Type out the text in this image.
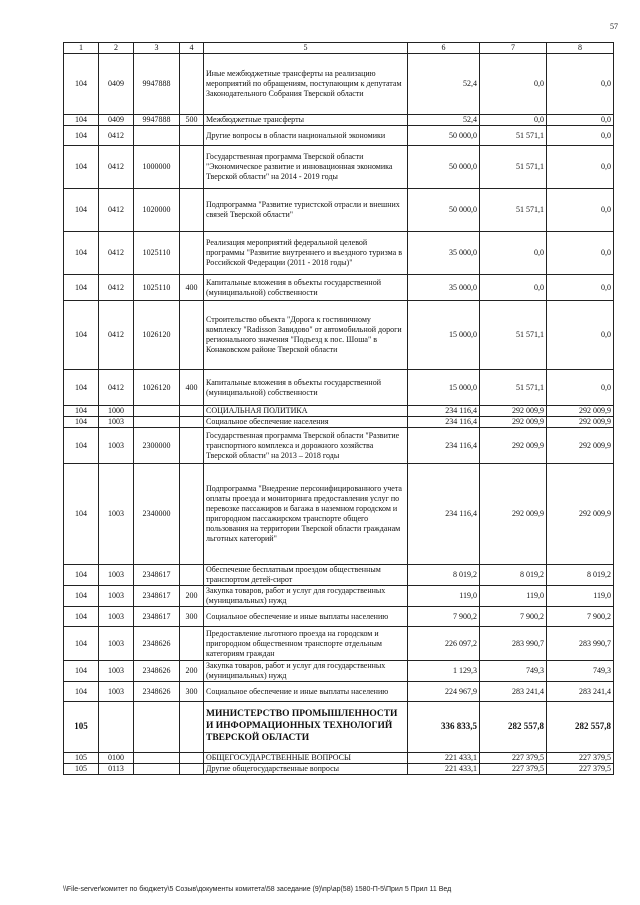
57
1	2	3	4	5	6	7	8
104	0409	9947888		Иные межбюджетные трансферты на реализацию мероприятий по обращениям, поступающим к депутатам Законодательного Собрания Тверской области	52,4	0,0	0,0
104	0409	9947888	500	Межбюджетные трансферты	52,4	0,0	0,0
104	0412			Другие вопросы в области национальной экономики	50 000,0	51 571,1	0,0
104	0412	1000000		Государственная программа Тверской области "Экономическое развитие и инновационная экономика Тверской области" на 2014 - 2019 годы	50 000,0	51 571,1	0,0
104	0412	1020000		Подпрограмма "Развитие туристской отрасли и внешних связей Тверской области"	50 000,0	51 571,1	0,0
104	0412	1025110		Реализация мероприятий федеральной целевой программы "Развитие внутреннего и въездного туризма в Российской Федерации (2011 - 2018 годы)"	35 000,0	0,0	0,0
104	0412	1025110	400	Капитальные вложения в объекты государственной (муниципальной) собственности	35 000,0	0,0	0,0
104	0412	1026120		Строительство объекта "Дорога к гостиничному комплексу "Radisson Завидово" от автомобильной дороги регионального значения "Подъезд к пос. Шоша" в Конаковском районе Тверской области	15 000,0	51 571,1	0,0
104	0412	1026120	400	Капитальные вложения в объекты государственной (муниципальной) собственности	15 000,0	51 571,1	0,0
104	1000			СОЦИАЛЬНАЯ ПОЛИТИКА	234 116,4	292 009,9	292 009,9
104	1003			Социальное обеспечение населения	234 116,4	292 009,9	292 009,9
104	1003	2300000		Государственная программа Тверской области "Развитие транспортного комплекса и дорожного хозяйства Тверской области" на 2013 – 2018 годы	234 116,4	292 009,9	292 009,9
104	1003	2340000		Подпрограмма "Внедрение персонифицированного учета оплаты проезда и мониторинга предоставления услуг по перевозке пассажиров и багажа в наземном городском и пригородном пассажирском транспорте общего пользования на территории Тверской области гражданам льготных категорий"	234 116,4	292 009,9	292 009,9
104	1003	2348617		Обеспечение бесплатным проездом общественным транспортом детей-сирот	8 019,2	8 019,2	8 019,2
104	1003	2348617	200	Закупка товаров, работ и услуг для государственных (муниципальных) нужд	119,0	119,0	119,0
104	1003	2348617	300	Социальное обеспечение и иные выплаты населению	7 900,2	7 900,2	7 900,2
104	1003	2348626		Предоставление льготного проезда на городском и пригородном общественном транспорте отдельным категориям граждан	226 097,2	283 990,7	283 990,7
104	1003	2348626	200	Закупка товаров, работ и услуг для государственных (муниципальных) нужд	1 129,3	749,3	749,3
104	1003	2348626	300	Социальное обеспечение и иные выплаты населению	224 967,9	283 241,4	283 241,4
105				МИНИСТЕРСТВО ПРОМЫШЛЕННОСТИ И ИНФОРМАЦИОННЫХ ТЕХНОЛОГИЙ ТВЕРСКОЙ ОБЛАСТИ	336 833,5	282 557,8	282 557,8
105	0100			ОБЩЕГОСУДАРСТВЕННЫЕ ВОПРОСЫ	221 433,1	227 379,5	227 379,5
105	0113			Другие общегосударственные вопросы	221 433,1	227 379,5	227 379,5
\\File-server\комитет по бюджету\5 Созыв\документы комитета\58 заседание (9)\пр\ар(58) 1580-П-5\Прил 5 Прил 11 Вед
